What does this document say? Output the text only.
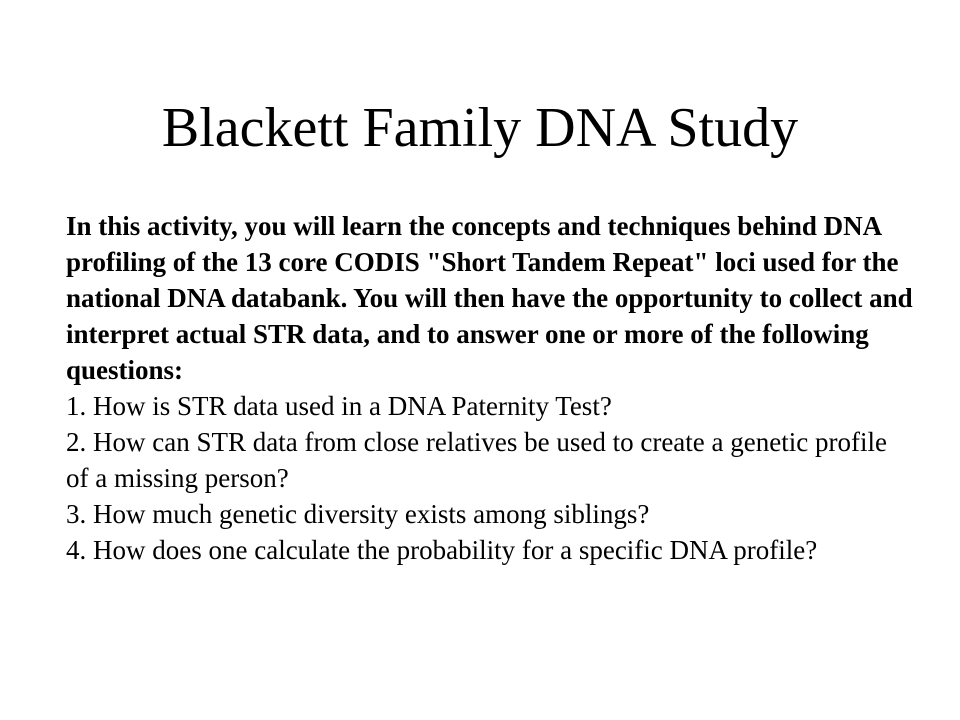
Blackett Family DNA Study

In this activity, you will learn the concepts and techniques behind DNA profiling of the 13 core CODIS "Short Tandem Repeat" loci used for the national DNA databank. You will then have the opportunity to collect and interpret actual STR data, and to answer one or more of the following questions:

1. How is STR data used in a DNA Paternity Test?
2. How can STR data from close relatives be used to create a genetic profile of a missing person?
3. How much genetic diversity exists among siblings?
4. How does one calculate the probability for a specific DNA profile?
